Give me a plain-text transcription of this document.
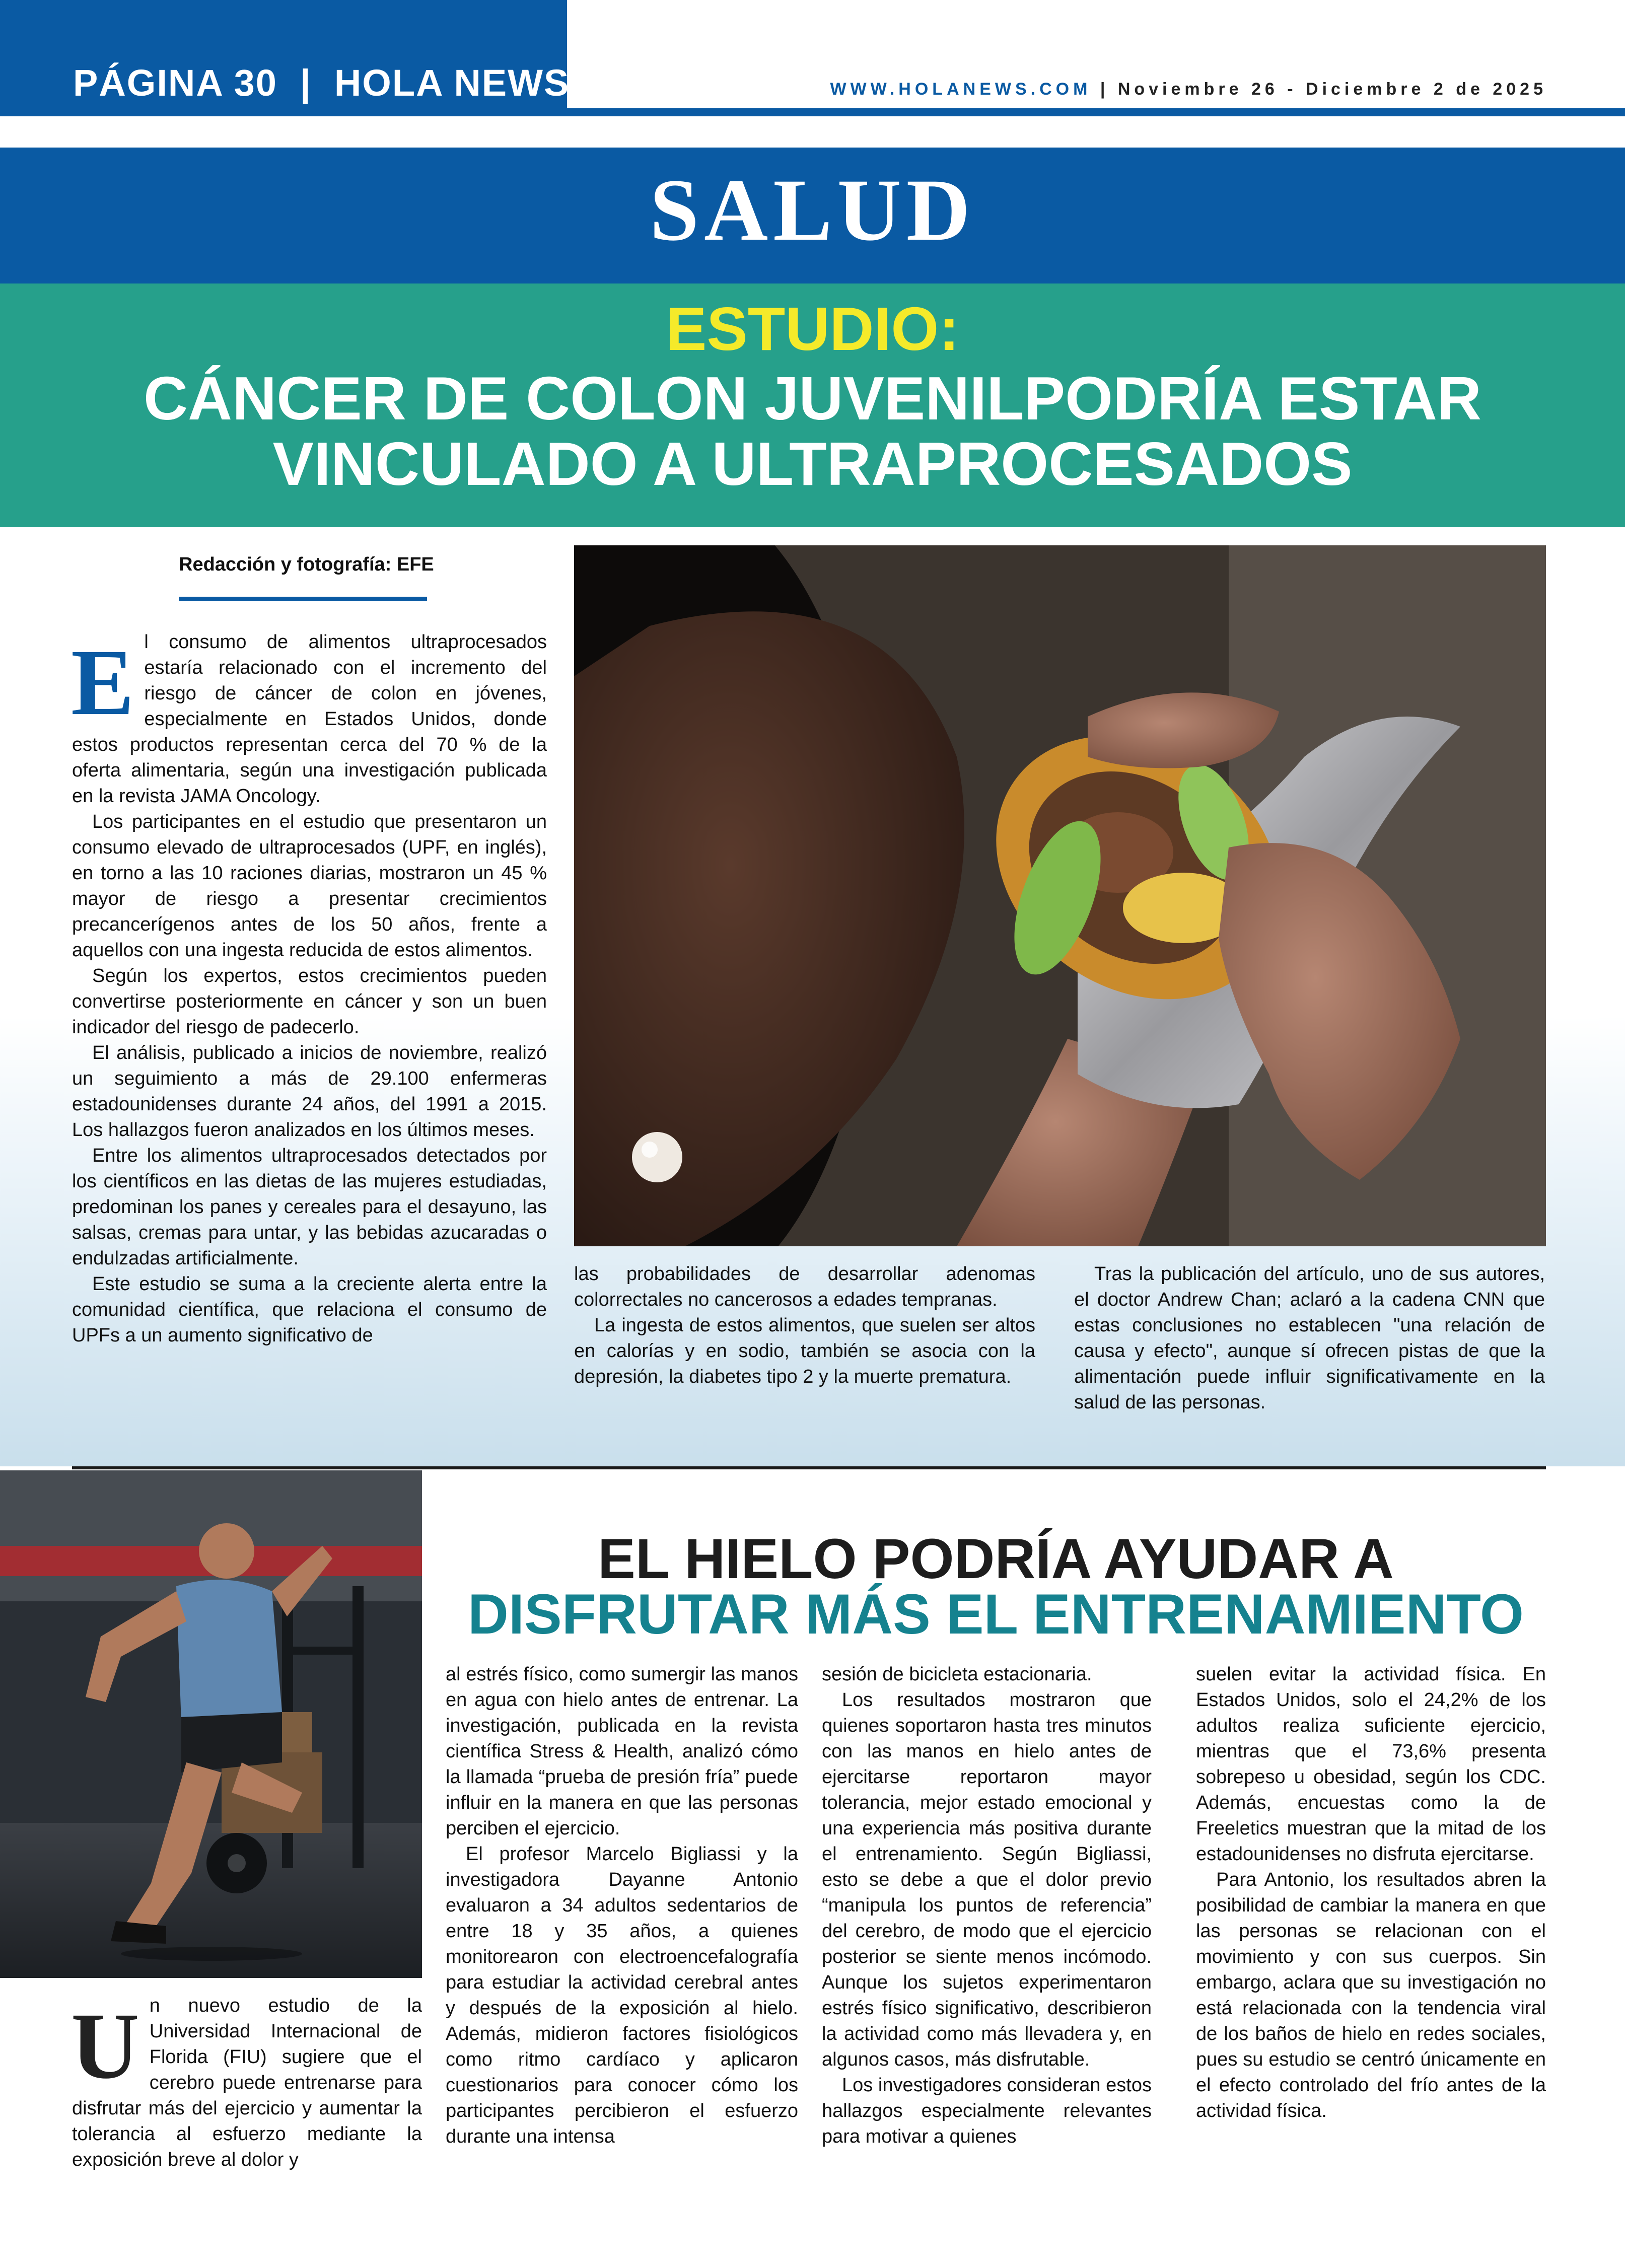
PÁGINA 30  |  HOLA NEWS	WWW.HOLANEWS.COM | Noviembre 26 - Diciembre 2 de 2025
SALUD
ESTUDIO:
CÁNCER DE COLON JUVENILPODRÍA ESTAR
VINCULADO A ULTRAPROCESADOS
Redacción y fotografía: EFE

El consumo de alimentos ultraprocesados estaría relacionado con el incremento del riesgo de cáncer de colon en jóvenes, especialmente en Estados Unidos, donde estos productos representan cerca del 70 % de la oferta alimentaria, según una investigación publicada en la revista JAMA Oncology.

Los participantes en el estudio que presentaron un consumo elevado de ultraprocesados (UPF, en inglés), en torno a las 10 raciones diarias, mostraron un 45 % mayor de riesgo a presentar crecimientos precancerígenos antes de los 50 años, frente a aquellos con una ingesta reducida de estos alimentos.

Según los expertos, estos crecimientos pueden convertirse posteriormente en cáncer y son un buen indicador del riesgo de padecerlo.

El análisis, publicado a inicios de noviembre, realizó un seguimiento a más de 29.100 enfermeras estadounidenses durante 24 años, del 1991 a 2015. Los hallazgos fueron analizados en los últimos meses.

Entre los alimentos ultraprocesados detectados por los científicos en las dietas de las mujeres estudiadas, predominan los panes y cereales para el desayuno, las salsas, cremas para untar, y las bebidas azucaradas o endulzadas artificialmente.

Este estudio se suma a la creciente alerta entre la comunidad científica, que relaciona el consumo de UPFs a un aumento significativo de

las probabilidades de desarrollar adenomas colorrectales no cancerosos a edades tempranas.

La ingesta de estos alimentos, que suelen ser altos en calorías y en sodio, también se asocia con la depresión, la diabetes tipo 2 y la muerte prematura.

Tras la publicación del artículo, uno de sus autores, el doctor Andrew Chan; aclaró a la cadena CNN que estas conclusiones no establecen "una relación de causa y efecto", aunque sí ofrecen pistas de que la alimentación puede influir significativamente en la salud de las personas.

EL HIELO PODRÍA AYUDAR A
DISFRUTAR MÁS EL ENTRENAMIENTO

Un nuevo estudio de la Universidad Internacional de Florida (FIU) sugiere que el cerebro puede entrenarse para disfrutar más del ejercicio y aumentar la tolerancia al esfuerzo mediante la exposición breve al dolor y

al estrés físico, como sumergir las manos en agua con hielo antes de entrenar. La investigación, publicada en la revista científica Stress & Health, analizó cómo la llamada “prueba de presión fría” puede influir en la manera en que las personas perciben el ejercicio.

El profesor Marcelo Bigliassi y la investigadora Dayanne Antonio evaluaron a 34 adultos sedentarios de entre 18 y 35 años, a quienes monitorearon con electroencefalografía para estudiar la actividad cerebral antes y después de la exposición al hielo. Además, midieron factores fisiológicos como ritmo cardíaco y aplicaron cuestionarios para conocer cómo los participantes percibieron el esfuerzo durante una intensa

sesión de bicicleta estacionaria.

Los resultados mostraron que quienes soportaron hasta tres minutos con las manos en hielo antes de ejercitarse reportaron mayor tolerancia, mejor estado emocional y una experiencia más positiva durante el entrenamiento. Según Bigliassi, esto se debe a que el dolor previo “manipula los puntos de referencia” del cerebro, de modo que el ejercicio posterior se siente menos incómodo. Aunque los sujetos experimentaron estrés físico significativo, describieron la actividad como más llevadera y, en algunos casos, más disfrutable.

Los investigadores consideran estos hallazgos especialmente relevantes para motivar a quienes

suelen evitar la actividad física. En Estados Unidos, solo el 24,2% de los adultos realiza suficiente ejercicio, mientras que el 73,6% presenta sobrepeso u obesidad, según los CDC. Además, encuestas como la de Freeletics muestran que la mitad de los estadounidenses no disfruta ejercitarse.

Para Antonio, los resultados abren la posibilidad de cambiar la manera en que las personas se relacionan con el movimiento y con sus cuerpos. Sin embargo, aclara que su investigación no está relacionada con la tendencia viral de los baños de hielo en redes sociales, pues su estudio se centró únicamente en el efecto controlado del frío antes de la actividad física.
